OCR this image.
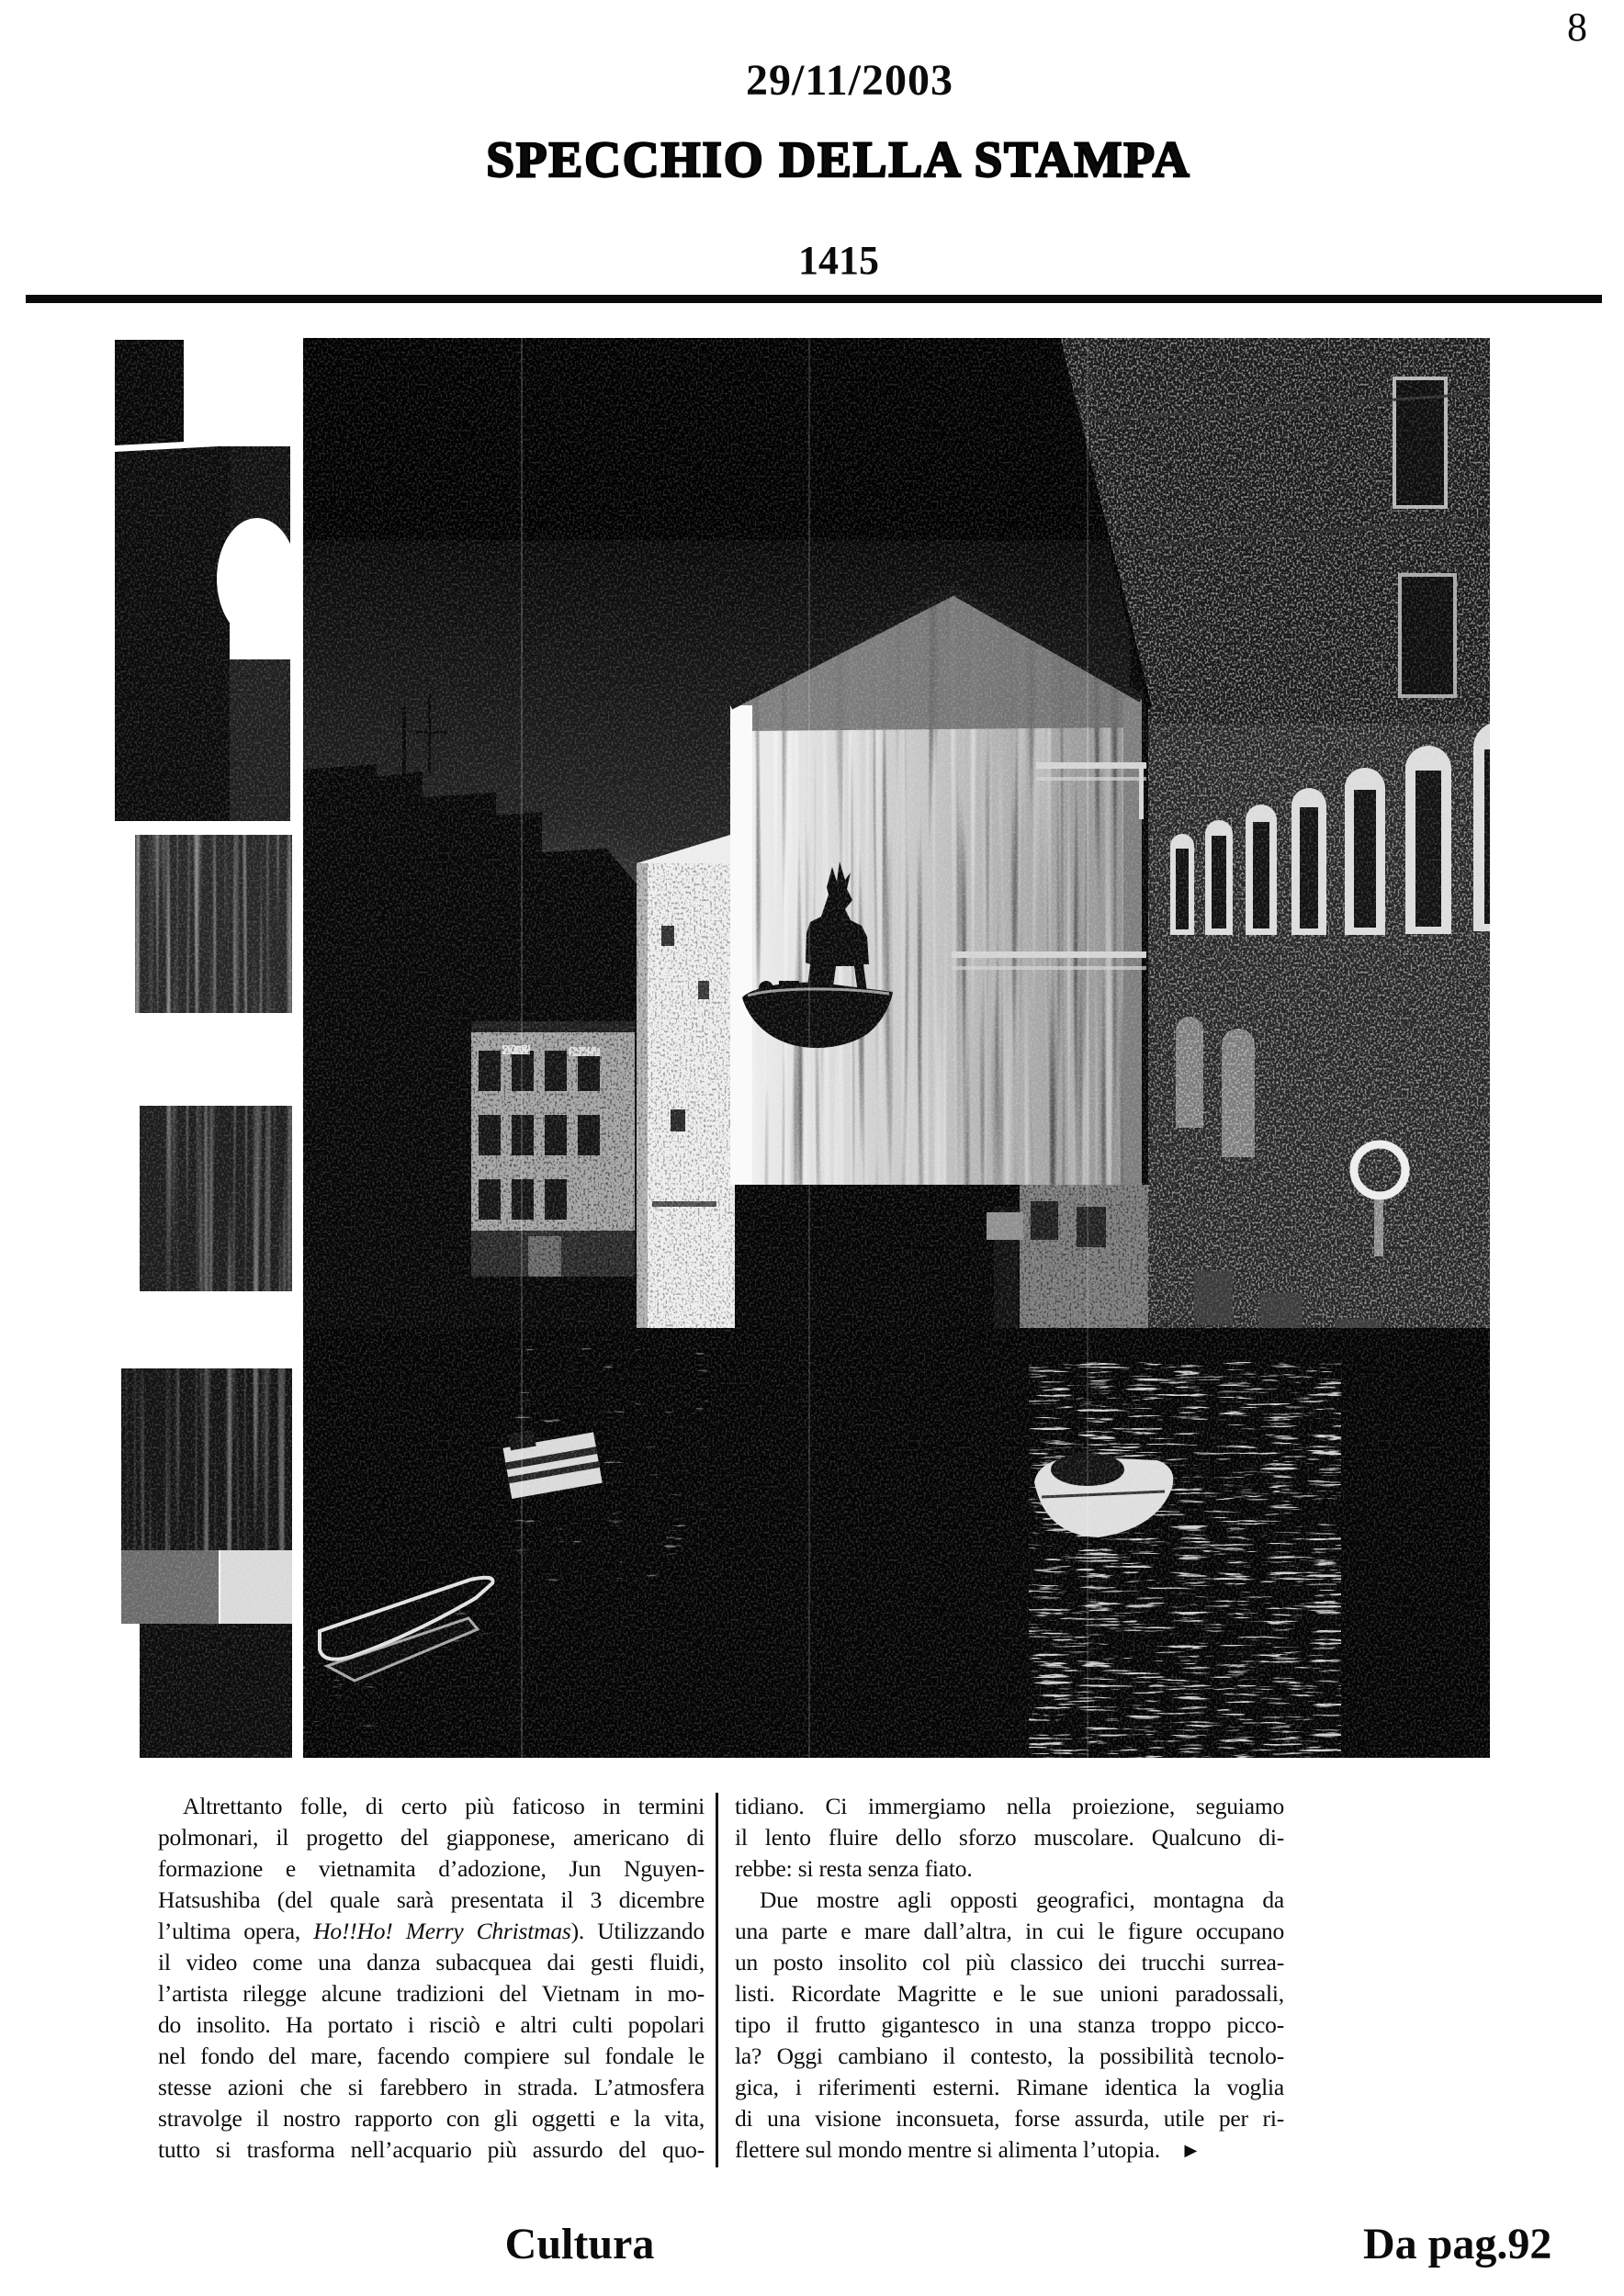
8
29/11/2003
SPECCHIO DELLA STAMPA
1415
Altrettanto folle, di certo più faticoso in termini
polmonari, il progetto del giapponese, americano di
formazione e vietnamita d’adozione, Jun Nguyen-
Hatsushiba (del quale sarà presentata il 3 dicembre
l’ultima opera, Ho!!Ho! Merry Christmas). Utilizzando
il video come una danza subacquea dai gesti fluidi,
l’artista rilegge alcune tradizioni del Vietnam in mo-
do insolito. Ha portato i risciò e altri culti popolari
nel fondo del mare, facendo compiere sul fondale le
stesse azioni che si farebbero in strada. L’atmosfera
stravolge il nostro rapporto con gli oggetti e la vita,
tutto si trasforma nell’acquario più assurdo del quo-
tidiano. Ci immergiamo nella proiezione, seguiamo
il lento fluire dello sforzo muscolare. Qualcuno di-
rebbe: si resta senza fiato.
Due mostre agli opposti geografici, montagna da
una parte e mare dall’altra, in cui le figure occupano
un posto insolito col più classico dei trucchi surrea-
listi. Ricordate Magritte e le sue unioni paradossali,
tipo il frutto gigantesco in una stanza troppo picco-
la? Oggi cambiano il contesto, la possibilità tecnolo-
gica, i riferimenti esterni. Rimane identica la voglia
di una visione inconsueta, forse assurda, utile per ri-
flettere sul mondo mentre si alimenta l’utopia. ►
Cultura	Da pag.92
